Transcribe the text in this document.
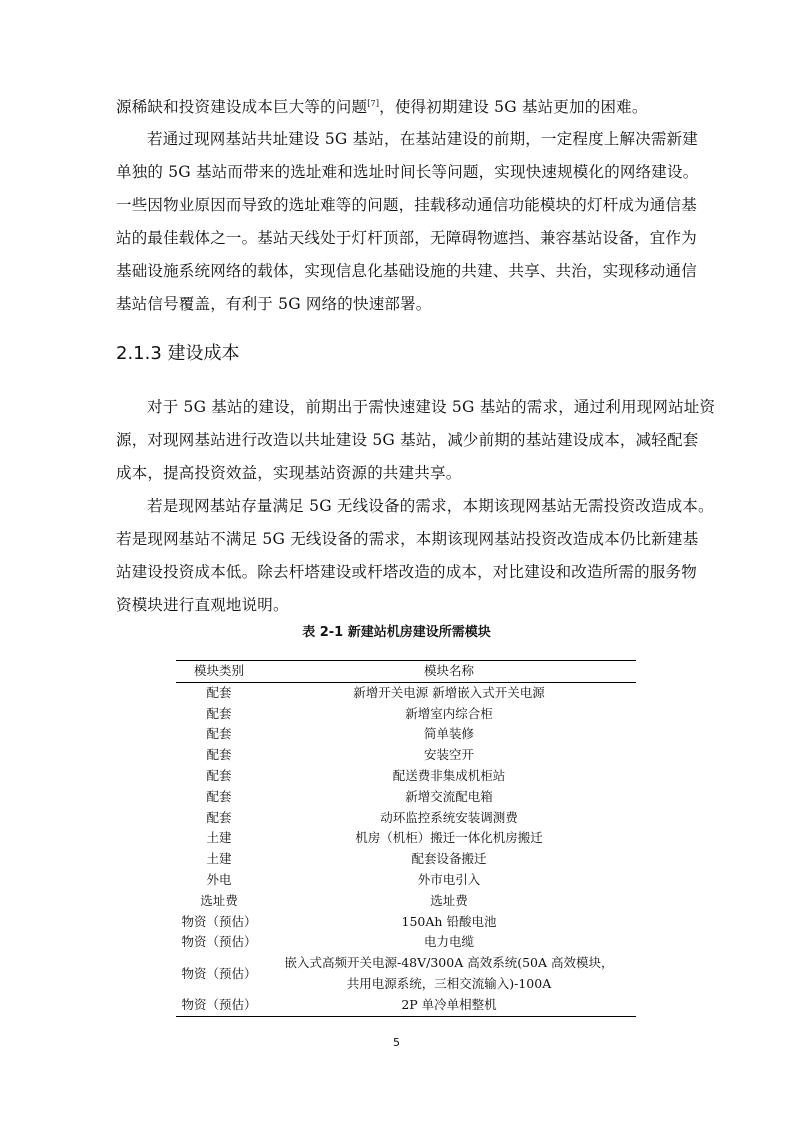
源稀缺和投资建设成本巨大等的问题[7]，使得初期建设 5G 基站更加的困难。
若通过现网基站共址建设 5G 基站，在基站建设的前期，一定程度上解决需新建
单独的 5G 基站而带来的选址难和选址时间长等问题，实现快速规模化的网络建设。
一些因物业原因而导致的选址难等的问题，挂载移动通信功能模块的灯杆成为通信基
站的最佳载体之一。基站天线处于灯杆顶部，无障碍物遮挡、兼容基站设备，宜作为
基础设施系统网络的载体，实现信息化基础设施的共建、共享、共治，实现移动通信
基站信号覆盖，有利于 5G 网络的快速部署。
2.1.3 建设成本
对于 5G 基站的建设，前期出于需快速建设 5G 基站的需求，通过利用现网站址资
源，对现网基站进行改造以共址建设 5G 基站，减少前期的基站建设成本，减轻配套
成本，提高投资效益，实现基站资源的共建共享。
若是现网基站存量满足 5G 无线设备的需求，本期该现网基站无需投资改造成本。
若是现网基站不满足 5G 无线设备的需求，本期该现网基站投资改造成本仍比新建基
站建设投资成本低。除去杆塔建设或杆塔改造的成本，对比建设和改造所需的服务物
资模块进行直观地说明。
表 2-1 新建站机房建设所需模块
模块类别	模块名称
配套	新增开关电源 新增嵌入式开关电源
配套	新增室内综合柜
配套	简单装修
配套	安装空开
配套	配送费非集成机柜站
配套	新增交流配电箱
配套	动环监控系统安装调测费
土建	机房（机柜）搬迁一体化机房搬迁
土建	配套设备搬迁
外电	外市电引入
选址费	选址费
物资（预估）	150Ah 铅酸电池
物资（预估）	电力电缆
物资（预估）	嵌入式高频开关电源-48V/300A 高效系统(50A 高效模块，
共用电源系统，三相交流输入)-100A

物资（预估）	2P 单冷单相整机
5
